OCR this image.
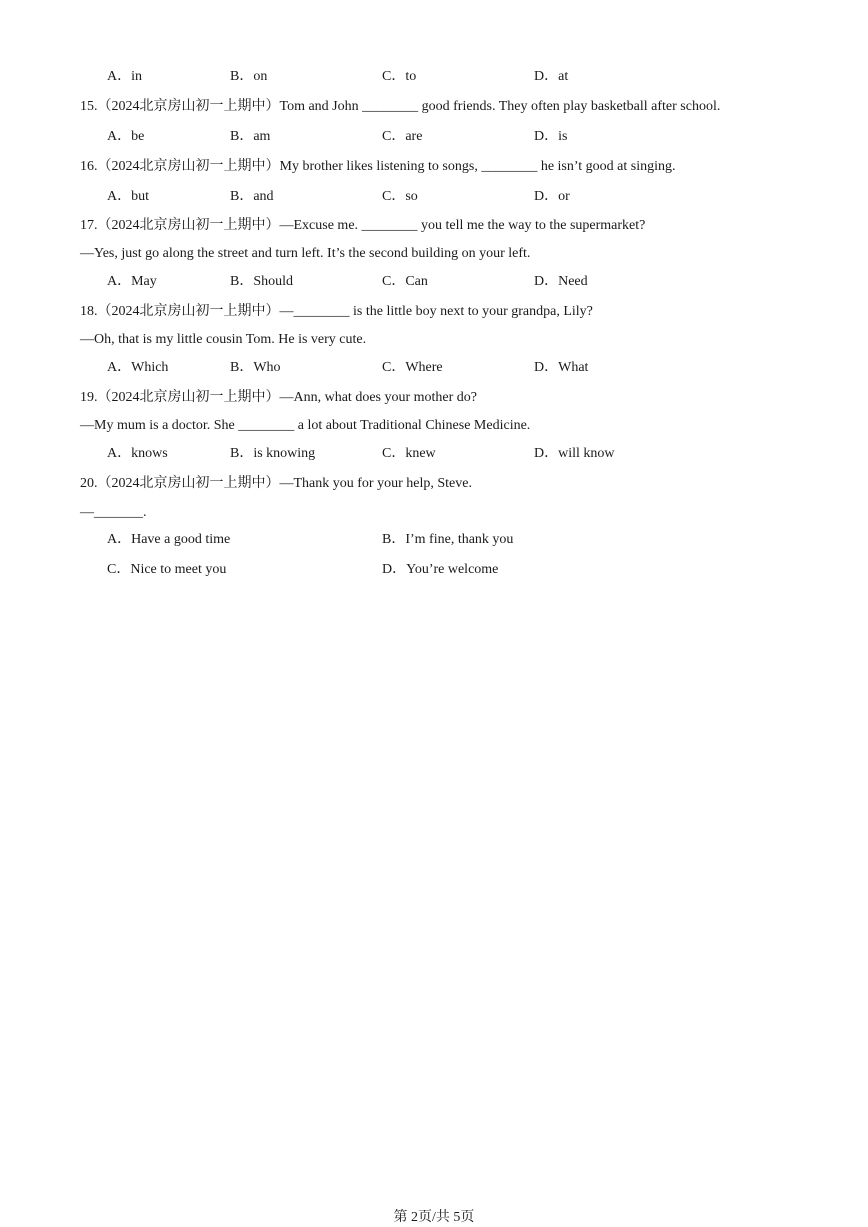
A．in	B．on	C．to	D．at
15.（2024北京房山初一上期中）Tom and John ________ good friends. They often play basketball after school.
A．be	B．am	C．are	D．is
16.（2024北京房山初一上期中）My brother likes listening to songs, ________ he isn’t good at singing.
A．but	B．and	C．so	D．or
17.（2024北京房山初一上期中）—Excuse me. ________ you tell me the way to the supermarket?
—Yes, just go along the street and turn left. It’s the second building on your left.
A．May	B．Should	C．Can	D．Need
18.（2024北京房山初一上期中）—________ is the little boy next to your grandpa, Lily?
—Oh, that is my little cousin Tom. He is very cute.
A．Which	B．Who	C．Where	D．What
19.（2024北京房山初一上期中）—Ann, what does your mother do?
—My mum is a doctor. She ________ a lot about Traditional Chinese Medicine.
A．knows	B．is knowing	C．knew	D．will know
20.（2024北京房山初一上期中）—Thank you for your help, Steve.
—_______.
A．Have a good time	B．I’m fine, thank you
C．Nice to meet you	D．You’re welcome
第 2页/共 5页
